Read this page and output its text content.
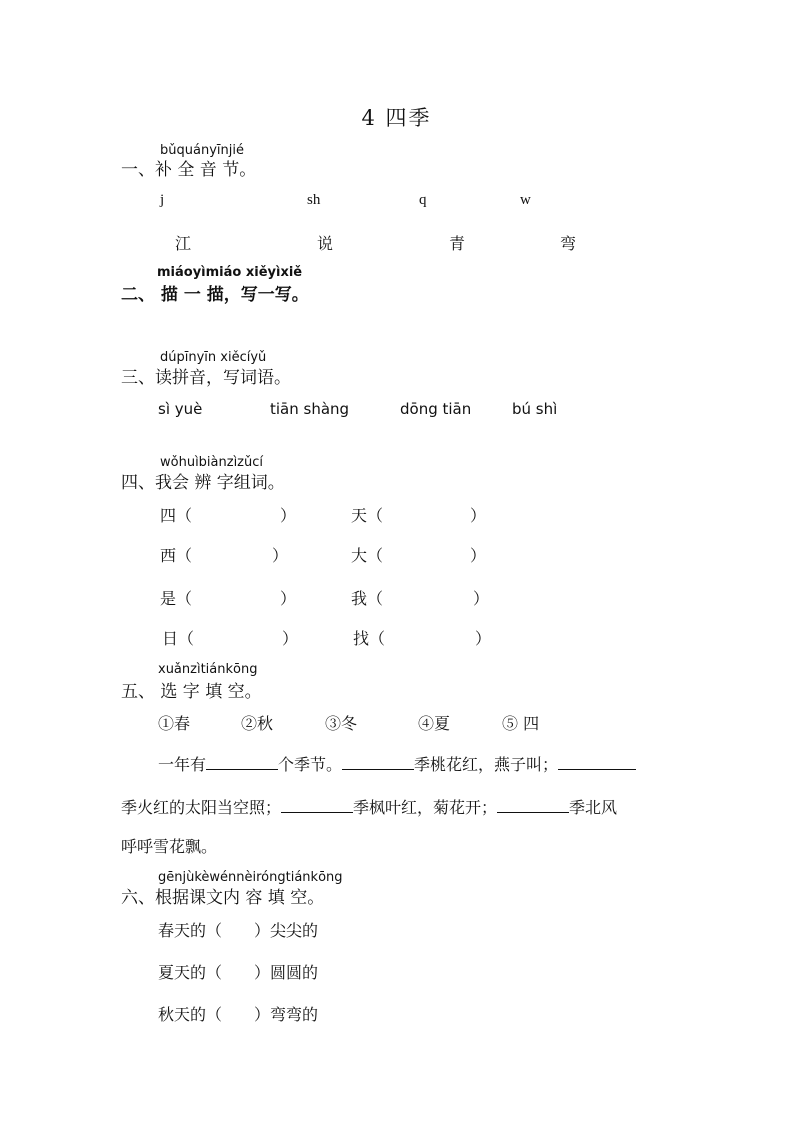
4 四季
bǔquányīnjié
一、补 全 音 节。
j	sh	q	w
江	说	青	弯
miáoyìmiáo xiěyìxiě
二、 描 一 描，写一写。
dúpīnyīn xiěcíyǔ
三、读拼音，写词语。
sì yuè	tiān shàng	dōng tiān	bú shì
wǒhuìbiànzìzǔcí
四、我会 辨 字组词。
四（	）	天（	）
西（	）	大（	）
是（	）	我（	）
日（	）	找（	）
xuǎnzìtiánkōng
五、 选 字 填 空。
①春	②秋	③冬	④夏	⑤ 四
一年有	个季节。	季桃花红，燕子叫；
季火红的太阳当空照；	季枫叶红，菊花开；	季北风
呼呼雪花飘。
gēnjùkèwénnèiróngtiánkōng
六、根据课文内 容 填 空。
春天的（ ）尖尖的
夏天的（ ）圆圆的
秋天的（ ）弯弯的
